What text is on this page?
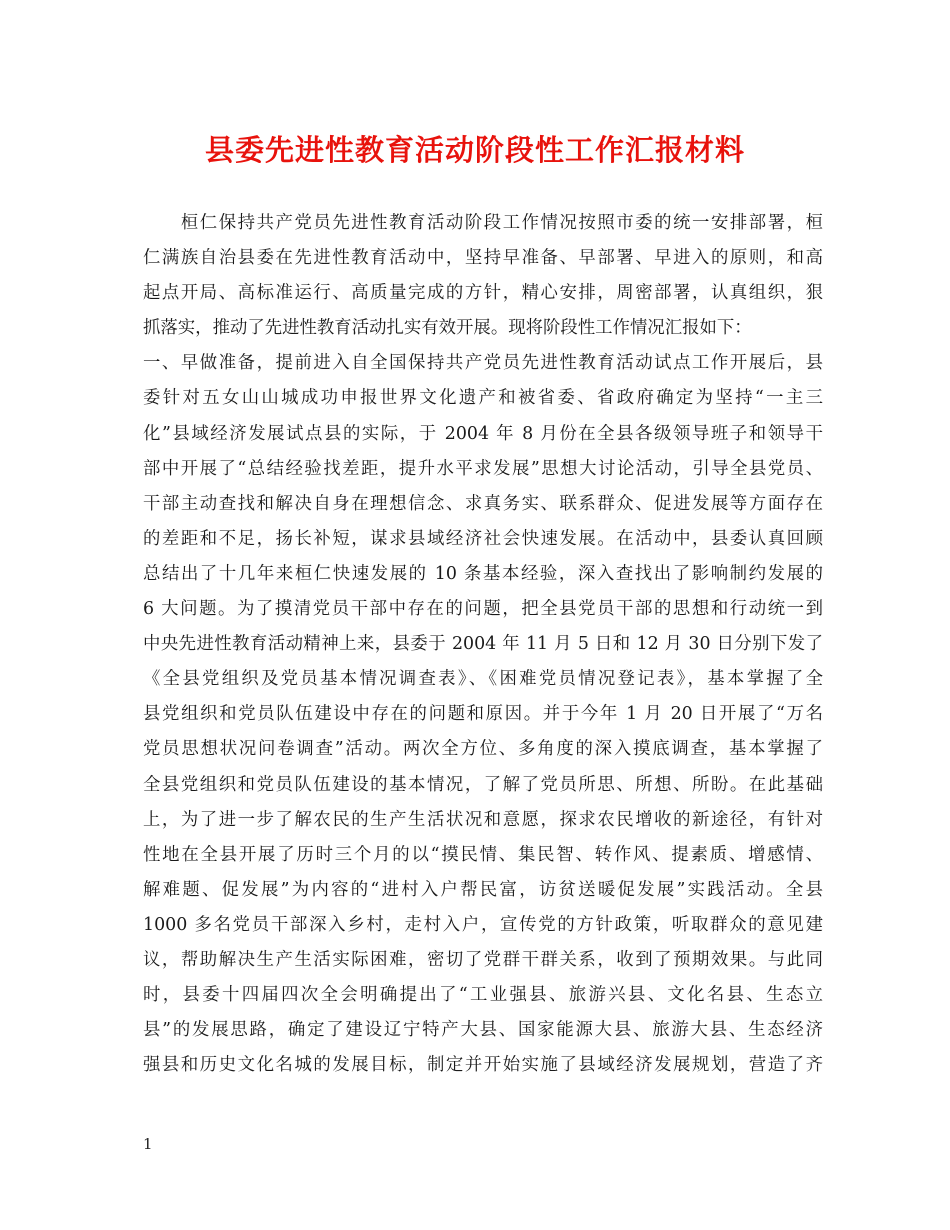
县委先进性教育活动阶段性工作汇报材料
　　桓仁保持共产党员先进性教育活动阶段工作情况按照市委的统一安排部署，桓
仁满族自治县委在先进性教育活动中，坚持早准备、早部署、早进入的原则，和高
起点开局、高标准运行、高质量完成的方针，精心安排，周密部署，认真组织，狠
抓落实，推动了先进性教育活动扎实有效开展。现将阶段性工作情况汇报如下：
一、早做准备，提前进入自全国保持共产党员先进性教育活动试点工作开展后，县
委针对五女山山城成功申报世界文化遗产和被省委、省政府确定为坚持“一主三
化”县域经济发展试点县的实际，于 2004 年 8 月份在全县各级领导班子和领导干
部中开展了“总结经验找差距，提升水平求发展”思想大讨论活动，引导全县党员、
干部主动查找和解决自身在理想信念、求真务实、联系群众、促进发展等方面存在
的差距和不足，扬长补短，谋求县域经济社会快速发展。在活动中，县委认真回顾
总结出了十几年来桓仁快速发展的 10 条基本经验，深入查找出了影响制约发展的
6 大问题。为了摸清党员干部中存在的问题，把全县党员干部的思想和行动统一到
中央先进性教育活动精神上来，县委于 2004 年 11 月 5 日和 12 月 30 日分别下发了
《全县党组织及党员基本情况调查表》、《困难党员情况登记表》，基本掌握了全
县党组织和党员队伍建设中存在的问题和原因。并于今年 1 月 20 日开展了“万名
党员思想状况问卷调查”活动。两次全方位、多角度的深入摸底调查，基本掌握了
全县党组织和党员队伍建设的基本情况，了解了党员所思、所想、所盼。在此基础
上，为了进一步了解农民的生产生活状况和意愿，探求农民增收的新途径，有针对
性地在全县开展了历时三个月的以“摸民情、集民智、转作风、提素质、增感情、
解难题、促发展”为内容的“进村入户帮民富，访贫送暖促发展”实践活动。全县
1000 多名党员干部深入乡村，走村入户，宣传党的方针政策，听取群众的意见建
议，帮助解决生产生活实际困难，密切了党群干群关系，收到了预期效果。与此同
时，县委十四届四次全会明确提出了“工业强县、旅游兴县、文化名县、生态立
县”的发展思路，确定了建设辽宁特产大县、国家能源大县、旅游大县、生态经济
强县和历史文化名城的发展目标，制定并开始实施了县域经济发展规划，营造了齐
1
